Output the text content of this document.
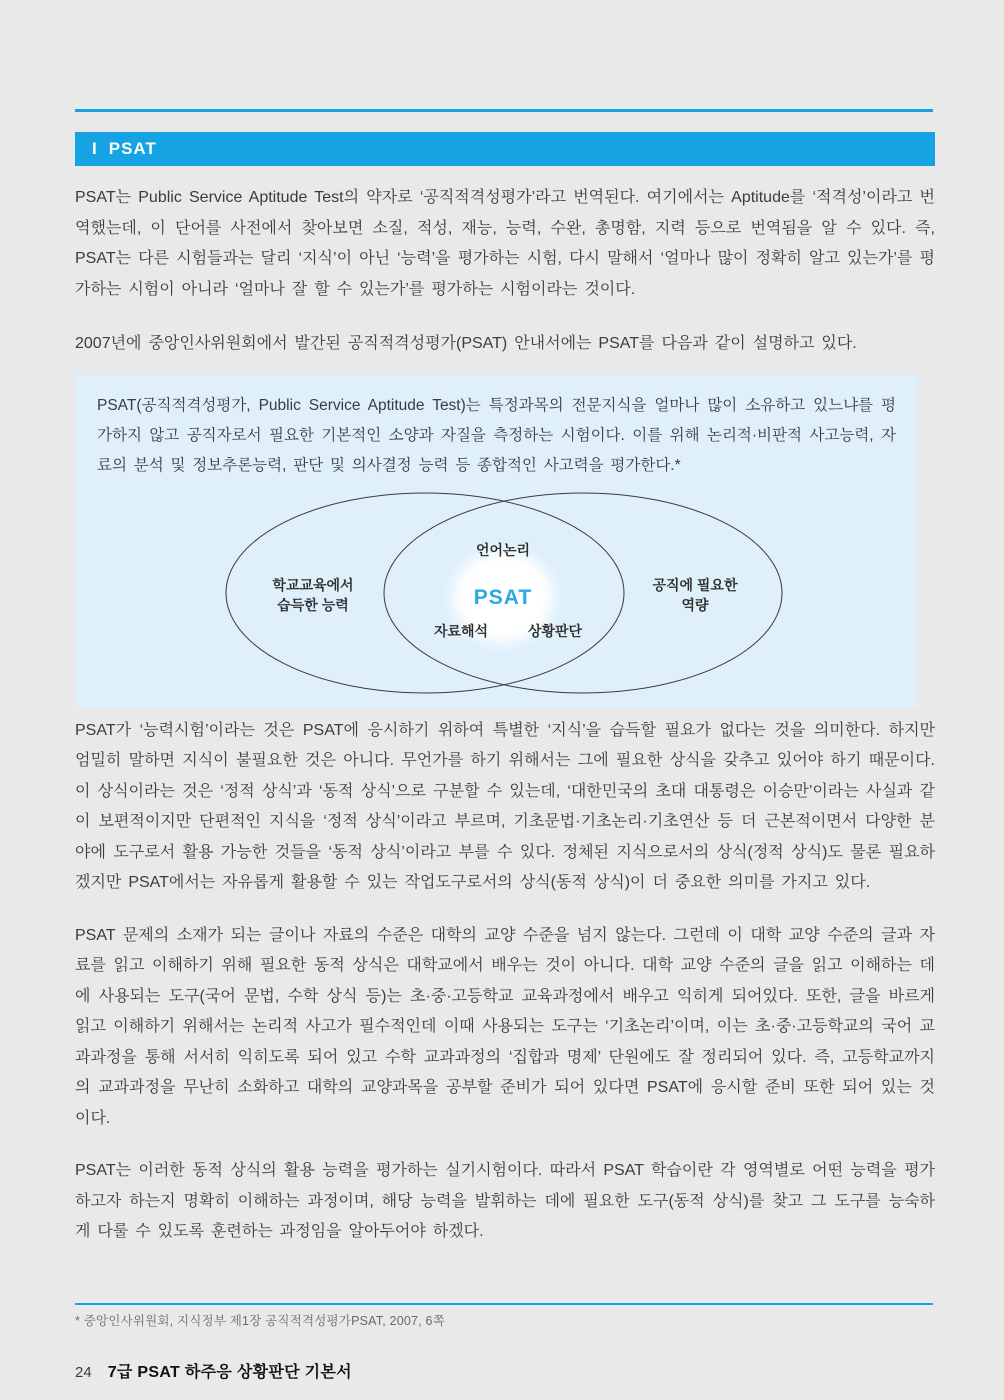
I PSAT

PSAT는 Public Service Aptitude Test의 약자로 ‘공직적격성평가’라고 번역된다. 여기에서는 Aptitude를 ‘적격성’이라고 번역했는데, 이 단어를 사전에서 찾아보면 소질, 적성, 재능, 능력, 수완, 총명함, 지력 등으로 번역됨을 알 수 있다. 즉, PSAT는 다른 시험들과는 달리 ‘지식’이 아닌 ‘능력’을 평가하는 시험, 다시 말해서 ‘얼마나 많이 정확히 알고 있는가’를 평가하는 시험이 아니라 ‘얼마나 잘 할 수 있는가’를 평가하는 시험이라는 것이다.

2007년에 중앙인사위원회에서 발간된 공직적격성평가(PSAT) 안내서에는 PSAT를 다음과 같이 설명하고 있다.

PSAT(공직적격성평가, Public Service Aptitude Test)는 특정과목의 전문지식을 얼마나 많이 소유하고 있느냐를 평가하지 않고 공직자로서 필요한 기본적인 소양과 자질을 측정하는 시험이다. 이를 위해 논리적·비판적 사고능력, 자료의 분석 및 정보추론능력, 판단 및 의사결정 능력 등 종합적인 사고력을 평가한다.*

학교교육에서
습득한 능력
공직에 필요한
역량
언어논리
PSAT
자료해석	상황판단

PSAT가 ‘능력시험’이라는 것은 PSAT에 응시하기 위하여 특별한 ‘지식’을 습득할 필요가 없다는 것을 의미한다. 하지만 엄밀히 말하면 지식이 불필요한 것은 아니다. 무언가를 하기 위해서는 그에 필요한 상식을 갖추고 있어야 하기 때문이다. 이 상식이라는 것은 ‘정적 상식’과 ‘동적 상식’으로 구분할 수 있는데, ‘대한민국의 초대 대통령은 이승만’이라는 사실과 같이 보편적이지만 단편적인 지식을 ‘정적 상식’이라고 부르며, 기초문법·기초논리·기초연산 등 더 근본적이면서 다양한 분야에 도구로서 활용 가능한 것들을 ‘동적 상식’이라고 부를 수 있다. 정체된 지식으로서의 상식(정적 상식)도 물론 필요하겠지만 PSAT에서는 자유롭게 활용할 수 있는 작업도구로서의 상식(동적 상식)이 더 중요한 의미를 가지고 있다.

PSAT 문제의 소재가 되는 글이나 자료의 수준은 대학의 교양 수준을 넘지 않는다. 그런데 이 대학 교양 수준의 글과 자료를 읽고 이해하기 위해 필요한 동적 상식은 대학교에서 배우는 것이 아니다. 대학 교양 수준의 글을 읽고 이해하는 데에 사용되는 도구(국어 문법, 수학 상식 등)는 초·중·고등학교 교육과정에서 배우고 익히게 되어있다. 또한, 글을 바르게 읽고 이해하기 위해서는 논리적 사고가 필수적인데 이때 사용되는 도구는 ‘기초논리’이며, 이는 초·중·고등학교의 국어 교과과정을 통해 서서히 익히도록 되어 있고 수학 교과과정의 ‘집합과 명제’ 단원에도 잘 정리되어 있다. 즉, 고등학교까지의 교과과정을 무난히 소화하고 대학의 교양과목을 공부할 준비가 되어 있다면 PSAT에 응시할 준비 또한 되어 있는 것이다.

PSAT는 이러한 동적 상식의 활용 능력을 평가하는 실기시험이다. 따라서 PSAT 학습이란 각 영역별로 어떤 능력을 평가하고자 하는지 명확히 이해하는 과정이며, 해당 능력을 발휘하는 데에 필요한 도구(동적 상식)를 찾고 그 도구를 능숙하게 다룰 수 있도록 훈련하는 과정임을 알아두어야 하겠다.

* 중앙인사위원회, 지식정부 제1장 공직적격성평가PSAT, 2007, 6쪽

24 7급 PSAT 하주응 상황판단 기본서
